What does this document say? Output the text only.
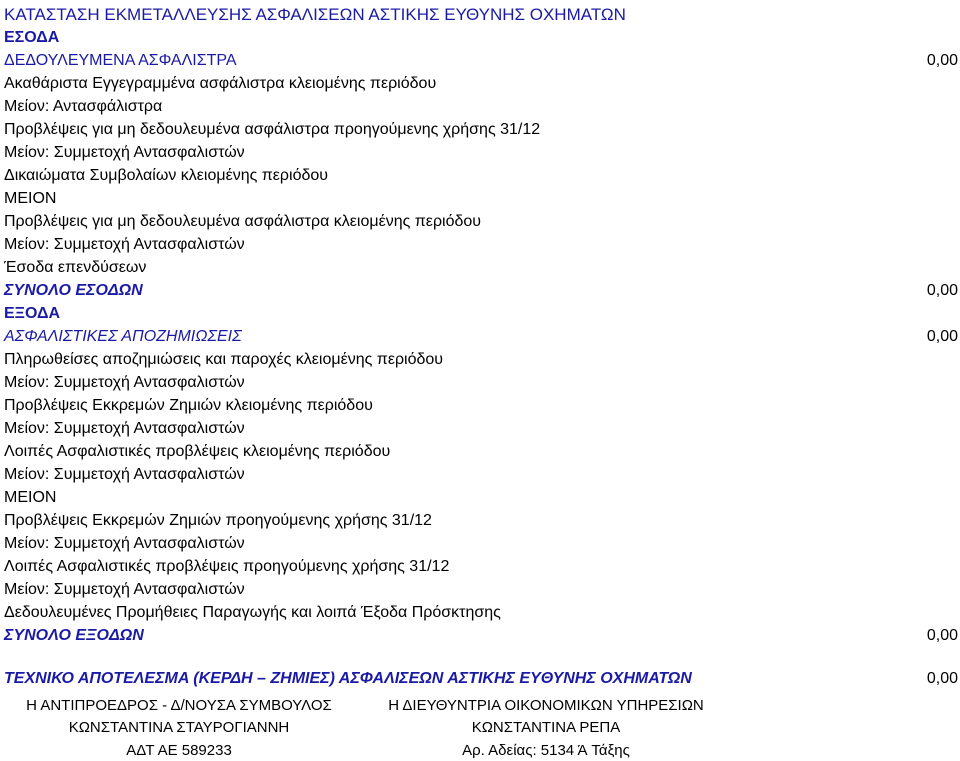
ΚΑΤΑΣΤΑΣΗ ΕΚΜΕΤΑΛΛΕΥΣΗΣ ΑΣΦΑΛΙΣΕΩΝ ΑΣΤΙΚΗΣ ΕΥΘΥΝΗΣ ΟΧΗΜΑΤΩΝ
ΕΣΟΔΑ
ΔΕΔΟΥΛΕΥΜΕΝΑ ΑΣΦΑΛΙΣΤΡΑ	0,00
Ακαθάριστα Εγγεγραμμένα ασφάλιστρα κλειομένης περιόδου
Μείον: Αντασφάλιστρα
Προβλέψεις για μη δεδουλευμένα ασφάλιστρα προηγούμενης χρήσης 31/12
Μείον: Συμμετοχή Αντασφαλιστών
Δικαιώματα Συμβολαίων κλειομένης περιόδου
ΜΕΙΟΝ
Προβλέψεις για μη δεδουλευμένα ασφάλιστρα κλειομένης περιόδου
Μείον: Συμμετοχή Αντασφαλιστών
Έσοδα επενδύσεων
ΣΥΝΟΛΟ ΕΣΟΔΩΝ	0,00
ΕΞΟΔΑ
ΑΣΦΑΛΙΣΤΙΚΕΣ ΑΠΟΖΗΜΙΩΣΕΙΣ	0,00
Πληρωθείσες αποζημιώσεις και παροχές κλειομένης περιόδου
Μείον: Συμμετοχή Αντασφαλιστών
Προβλέψεις Εκκρεμών Ζημιών κλειομένης περιόδου
Μείον: Συμμετοχή Αντασφαλιστών
Λοιπές Ασφαλιστικές προβλέψεις κλειομένης περιόδου
Μείον: Συμμετοχή Αντασφαλιστών
ΜΕΙΟΝ
Προβλέψεις Εκκρεμών Ζημιών προηγούμενης χρήσης 31/12
Μείον: Συμμετοχή Αντασφαλιστών
Λοιπές Ασφαλιστικές προβλέψεις προηγούμενης χρήσης 31/12
Μείον: Συμμετοχή Αντασφαλιστών
Δεδουλευμένες Προμήθειες Παραγωγής και λοιπά Έξοδα Πρόσκτησης
ΣΥΝΟΛΟ ΕΞΟΔΩΝ	0,00
ΤΕΧΝΙΚΟ ΑΠΟΤΕΛΕΣΜΑ (ΚΕΡΔΗ – ΖΗΜΙΕΣ) ΑΣΦΑΛΙΣΕΩΝ ΑΣΤΙΚΗΣ ΕΥΘΥΝΗΣ ΟΧΗΜΑΤΩΝ	0,00
Η ΑΝΤΙΠΡΟΕΔΡΟΣ - Δ/ΝΟΥΣΑ ΣΥΜΒΟΥΛΟΣ
ΚΩΝΣΤΑΝΤΙΝΑ ΣΤΑΥΡΟΓΙΑΝΝΗ
ΑΔΤ ΑΕ 589233
Η ΔΙΕΥΘΥΝΤΡΙΑ ΟΙΚΟΝΟΜΙΚΩΝ ΥΠΗΡΕΣΙΩΝ
ΚΩΝΣΤΑΝΤΙΝΑ ΡΕΠΑ
Αρ. Αδείας: 5134 Ά Τάξης
